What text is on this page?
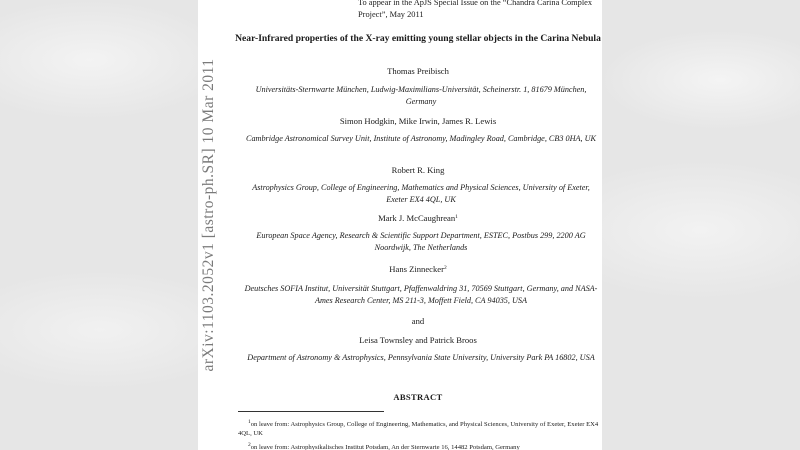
arXiv:1103.2052v1 [astro-ph.SR] 10 Mar 2011
To appear in the ApJS Special Issue on the “Chandra Carina Complex Project”, May 2011
Near-Infrared properties of the X-ray emitting young stellar objects in the Carina Nebula
Thomas Preibisch
Universitäts-Sternwarte München, Ludwig-Maximilians-Universität, Scheinerstr. 1, 81679 München, Germany
Simon Hodgkin, Mike Irwin, James R. Lewis
Cambridge Astronomical Survey Unit, Institute of Astronomy, Madingley Road, Cambridge, CB3 0HA, UK
Robert R. King
Astrophysics Group, College of Engineering, Mathematics and Physical Sciences, University of Exeter, Exeter EX4 4QL, UK
Mark J. McCaughrean$^1$
European Space Agency, Research & Scientific Support Department, ESTEC, Postbus 299, 2200 AG Noordwijk, The Netherlands
Hans Zinnecker$^2$
Deutsches SOFIA Institut, Universität Stuttgart, Pfaffenwaldring 31, 70569 Stuttgart, Germany, and NASA-Ames Research Center, MS 211-3, Moffett Field, CA 94035, USA
and
Leisa Townsley and Patrick Broos
Department of Astronomy & Astrophysics, Pennsylvania State University, University Park PA 16802, USA
ABSTRACT
$^1$on leave from: Astrophysics Group, College of Engineering, Mathematics, and Physical Sciences, University of Exeter, Exeter EX4 4QL, UK
$^2$on leave from: Astrophysikalisches Institut Potsdam, An der Sternwarte 16, 14482 Potsdam, Germany
